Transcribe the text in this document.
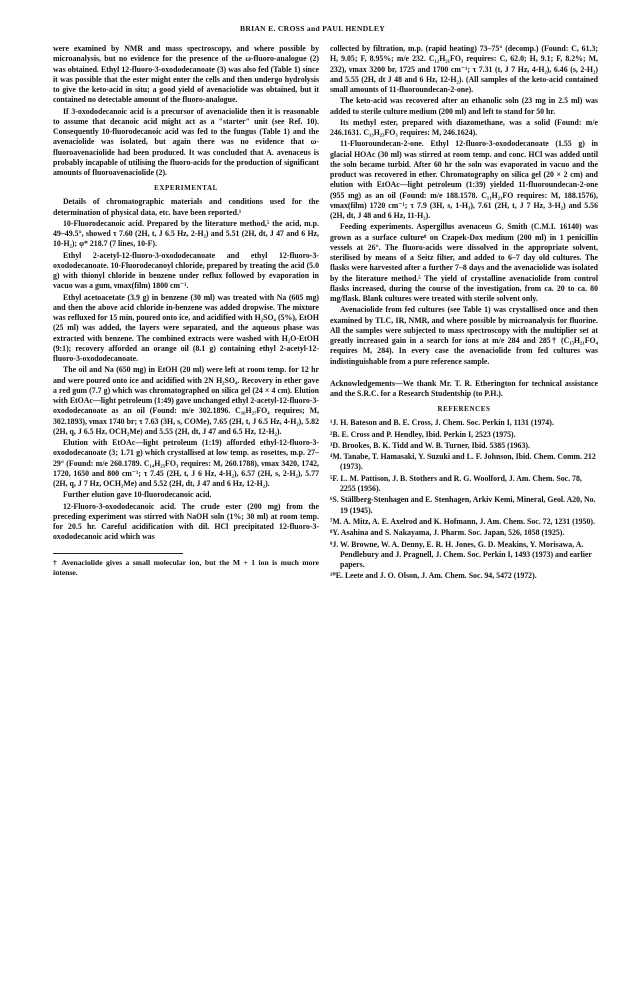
BRIAN E. CROSS and PAUL HENDLEY

were examined by NMR and mass spectroscopy, and where possible by microanalysis, but no evidence for the presence of the ω-fluoro-analogue (2) was obtained. Ethyl 12-fluoro-3-oxododecanoate (3) was also fed (Table 1) since it was possible that the ester might enter the cells and then undergo hydrolysis to give the keto-acid in situ; a good yield of avenaciolide was obtained, but it contained no detectable amount of the fluoro-analogue.

If 3-oxododecanoic acid is a precursor of avenaciolide then it is reasonable to assume that decanoic acid might act as a "starter" unit (see Ref. 10). Consequently 10-fluorodecanoic acid was fed to the fungus (Table 1) and the avenaciolide was isolated, but again there was no evidence that ω-fluoroavenaciolide had been produced. It was concluded that A. avenaceus is probably incapable of utilising the fluoro-acids for the production of significant amounts of fluoroavenaciolide (2).

EXPERIMENTAL

Details of chromatographic materials and conditions used for the determination of physical data, etc. have been reported.¹

10-Fluorodecanoic acid. Prepared by the literature method,⁵ the acid, m.p. 49–49.5°, showed τ 7.60 (2H, t, J 6.5 Hz, 2-H₂) and 5.51 (2H, dt, J 47 and 6 Hz, 10-H₂); φ* 218.7 (7 lines, 10-F).

Ethyl 2-acetyl-12-fluoro-3-oxododecanoate and ethyl 12-fluoro-3-oxododecanoate. 10-Fluorodecanoyl chloride, prepared by treating the acid (5.0 g) with thionyl chloride in benzene under reflux followed by evaporation in vacuo was a gum, νmax(film) 1800 cm⁻¹.

Ethyl acetoacetate (3.9 g) in benzene (30 ml) was treated with Na (605 mg) and then the above acid chloride in-benzene was added dropwise. The mixture was refluxed for 15 min, poured onto ice, and acidified with H₂SO₄ (5%), EtOH (25 ml) was added, the layers were separated, and the aqueous phase was extracted with benzene. The combined extracts were washed with H₂O-EtOH (9:1); recovery afforded an orange oil (8.1 g) containing ethyl 2-acetyl-12- fluoro-3-oxododecanoate.

The oil and Na (650 mg) in EtOH (20 ml) were left at room temp. for 12 hr and were poured onto ice and acidified with 2N H₂SO₄. Recovery in ether gave a red gum (7.7 g) which was chromatographed on silica gel (24 × 4 cm). Elution with EtOAc—light petroleum (1:49) gave unchanged ethyl 2-acetyl-12-fluoro-3-oxododecanoate as an oil (Found: m/e 302.1896. C₁₆H₂₇FO₄ requires; M, 302.1893), νmax 1740 br; τ 7.63 (3H, s, COMe), 7.65 (2H, t, J 6.5 Hz, 4-H₂), 5.82 (2H, q, J 6.5 Hz, OCH₂Me) and 5.55 (2H, dt, J 47 and 6.5 Hz, 12-H₂).

Elution with EtOAc—light petroleum (1:19) afforded ethyl-12-fluoro-3-oxododecanoate (3; 1.71 g) which crystallised at low temp. as rosettes, m.p. 27–29° (Found: m/e 260.1789. C₁₄H₂₅FO₃ requires: M, 260.1788), νmax 3420, 1742, 1720, 1650 and 800 cm⁻¹; τ 7.45 (2H, t, J 6 Hz, 4-H₂), 6.57 (2H, s, 2-H₂), 5.77 (2H, q, J 7 Hz, OCH₂Me) and 5.52 (2H, dt, J 47 and 6 Hz, 12-H₂).

Further elution gave 10-fluorodecanoic acid.

12-Fluoro-3-oxododecanoic acid. The crude ester (200 mg) from the preceding experiment was stirred with NaOH soln (1%; 30 ml) at room temp. for 20.5 hr. Careful acidification with dil. HCl precipitated 12-fluoro-3-oxododecanoic acid which was

† Avenaciolide gives a small molecular ion, but the M + 1 ion is much more intense.

collected by filtration, m.p. (rapid heating) 73–75° (decomp.) (Found: C, 61.3; H, 9.05; F, 8.95%; m/e 232. C₁₂H₂₁FO₃ requires: C, 62.0; H, 9.1; F, 8.2%; M, 232), νmax 3200 br, 1725 and 1700 cm⁻¹; τ 7.31 (t, J 7 Hz, 4-H₂), 6.46 (s, 2-H₂) and 5.55 (2H, dt J 48 and 6 Hz, 12-H₂). (All samples of the keto-acid contained small amounts of 11-fluoroundecan-2-one).

The keto-acid was recovered after an ethanolic soln (23 mg in 2.5 ml) was added to sterile culture medium (200 ml) and left to stand for 50 hr.

Its methyl ester, prepared with diazomethane, was a solid (Found: m/e 246.1631. C₁₃H₂₃FO₃ requires: M, 246.1624).

11-Fluoroundecan-2-one. Ethyl 12-fluoro-3-oxododecanoate (1.55 g) in glacial HOAc (30 ml) was stirred at room temp. and conc. HCl was added until the soln became turbid. After 60 hr the soln was evaporated in vacuo and the product was recovered in ether. Chromatography on silica gel (20 × 2 cm) and elution with EtOAc—light petroleum (1:39) yielded 11-fluoroundecan-2-one (955 mg) as an oil (Found: m/e 188.1578. C₁₁H₂₁FO requires: M, 188.1576), νmax(film) 1720 cm⁻¹; τ 7.9 (3H, s, 1-H₃), 7.61 (2H, t, J 7 Hz, 3-H₂) and 5.56 (2H, dt, J 48 and 6 Hz, 11-H₂).

Feeding experiments. Aspergillus avenaceus G. Smith (C.M.I. 16140) was grown as a surface culture⁸ on Czapek-Dox medium (200 ml) in 1 penicillin vessels at 26°. The fluoro-acids were dissolved in the appropriate solvent, sterilised by means of a Seitz filter, and added to 6–7 day old cultures. The flasks were harvested after a further 7–8 days and the avenaciolide was isolated by the literature method.⁵ The yield of crystalline avenaciolide from control flasks increased, during the course of the investigation, from ca. 20 to ca. 80 mg/flask. Blank cultures were treated with sterile solvent only.

Avenaciolide from fed cultures (see Table 1) was crystallised once and then examined by TLC, IR, NMR, and where possible by microanalysis for fluorine. All the samples were subjected to mass spectroscopy with the multiplier set at greatly increased gain in a search for ions at m/e 284 and 285† (C₁₅H₂₁FO₄ requires M, 284). In every case the avenaciolide from fed cultures was indistinguishable from a pure reference sample.

Acknowledgements—We thank Mr. T. R. Etherington for technical assistance and the S.R.C. for a Research Studentship (to P.H.).

REFERENCES
¹J. H. Bateson and B. E. Cross, J. Chem. Soc. Perkin I, 1131 (1974).
²B. E. Cross and P. Hendley, Ibid. Perkin I, 2523 (1975).
³D. Brookes, B. K. Tidd and W. B. Turner, Ibid. 5385 (1963).
⁴M. Tanabe, T. Hamasaki, Y. Suzuki and L. F. Johnson, Ibid. Chem. Comm. 212 (1973).
⁵F. L. M. Pattison, J. B. Stothers and R. G. Woolford, J. Am. Chem. Soc. 78, 2255 (1956).
⁶S. Ställberg-Stenhagen and E. Stenhagen, Arkiv Kemi, Mineral, Geol. A20, No. 19 (1945).
⁷M. A. Mitz, A. E. Axelrod and K. Hofmann, J. Am. Chem. Soc. 72, 1231 (1950).
⁸Y. Asahina and S. Nakayama, J. Pharm. Soc. Japan, 526, 1058 (1925).
⁹J. W. Browne, W. A. Denny, E. R. H. Jones, G. D. Meakins, Y. Morisawa, A. Pendlebury and J. Pragnell, J. Chem. Soc. Perkin I, 1493 (1973) and earlier papers.
¹⁰E. Leete and J. O. Olson, J. Am. Chem. Soc. 94, 5472 (1972).
